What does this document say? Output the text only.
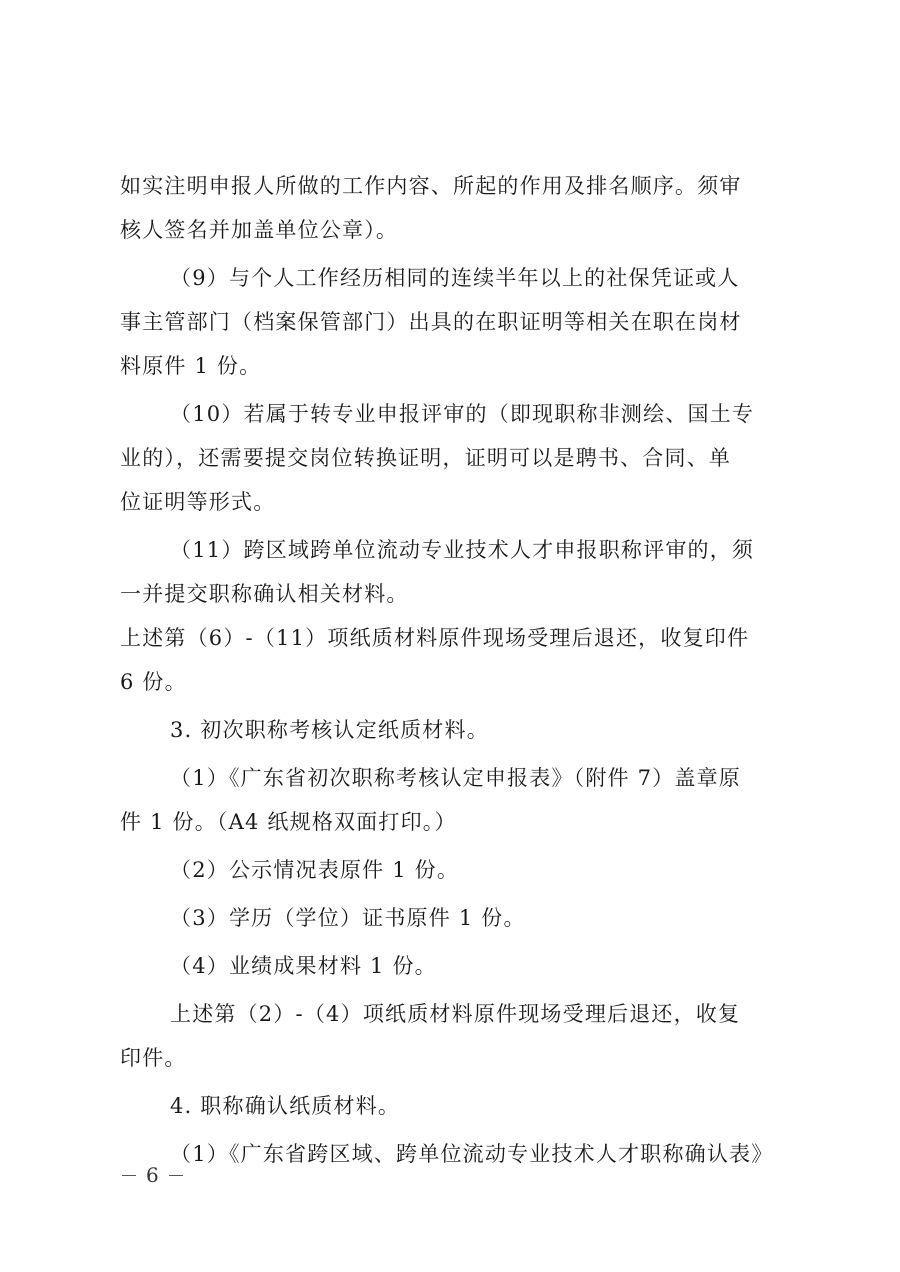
如实注明申报人所做的工作内容、所起的作用及排名顺序。须审
核人签名并加盖单位公章）。
（9）与个人工作经历相同的连续半年以上的社保凭证或人
事主管部门（档案保管部门）出具的在职证明等相关在职在岗材
料原件 1 份。
（10）若属于转专业申报评审的（即现职称非测绘、国土专
业的），还需要提交岗位转换证明，证明可以是聘书、合同、单
位证明等形式。
（11）跨区域跨单位流动专业技术人才申报职称评审的，须
一并提交职称确认相关材料。
上述第（6）-（11）项纸质材料原件现场受理后退还，收复印件
6 份。
3. 初次职称考核认定纸质材料。
（1）《广东省初次职称考核认定申报表》（附件 7）盖章原
件 1 份。（A4 纸规格双面打印。）
（2）公示情况表原件 1 份。
（3）学历（学位）证书原件 1 份。
（4）业绩成果材料 1 份。
上述第（2）-（4）项纸质材料原件现场受理后退还，收复
印件。
4. 职称确认纸质材料。
（1）《广东省跨区域、跨单位流动专业技术人才职称确认表》
6
